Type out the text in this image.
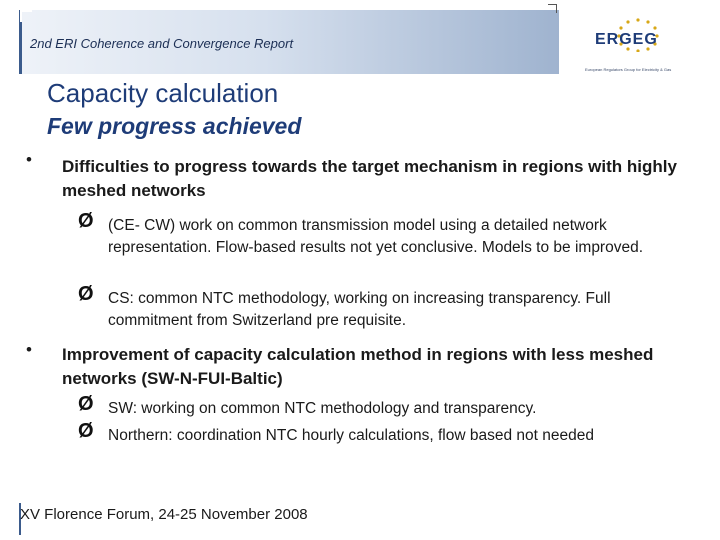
2nd ERI Coherence and Convergence Report	ERGEG
European Regulators Group for Electricity & Gas
Capacity calculation
Few progress achieved
• Difficulties to progress towards the target mechanism in regions with highly meshed networks
Ø (CE- CW) work on common transmission model using a detailed network representation. Flow-based results not yet conclusive. Models to be improved.
Ø CS: common NTC methodology, working on increasing transparency. Full commitment from Switzerland pre requisite.
• Improvement of capacity calculation method in regions with less meshed networks (SW-N-FUI-Baltic)
Ø SW: working on common NTC methodology and transparency.
Ø Northern: coordination NTC hourly calculations, flow based not needed
XV Florence Forum, 24-25 November 2008
